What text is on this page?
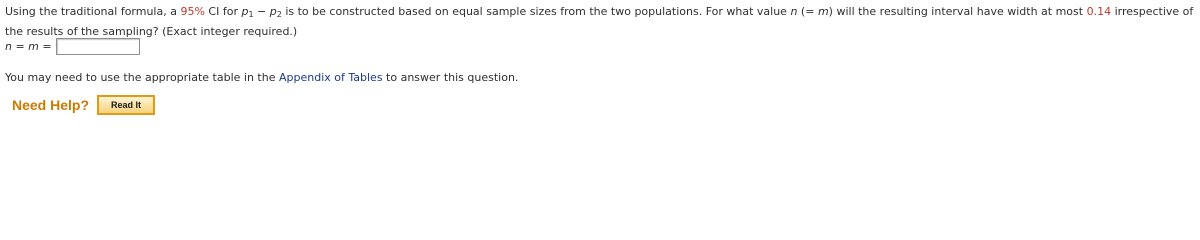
Using the traditional formula, a 95% CI for $p_1 - p_2$ is to be constructed based on equal sample sizes from the two populations. For what value n (= m) will the resulting interval have width at most 0.14 irrespective of the results of the sampling? (Exact integer required.)

n = m =

You may need to use the appropriate table in the Appendix of Tables to answer this question.

Need Help?	Read It
